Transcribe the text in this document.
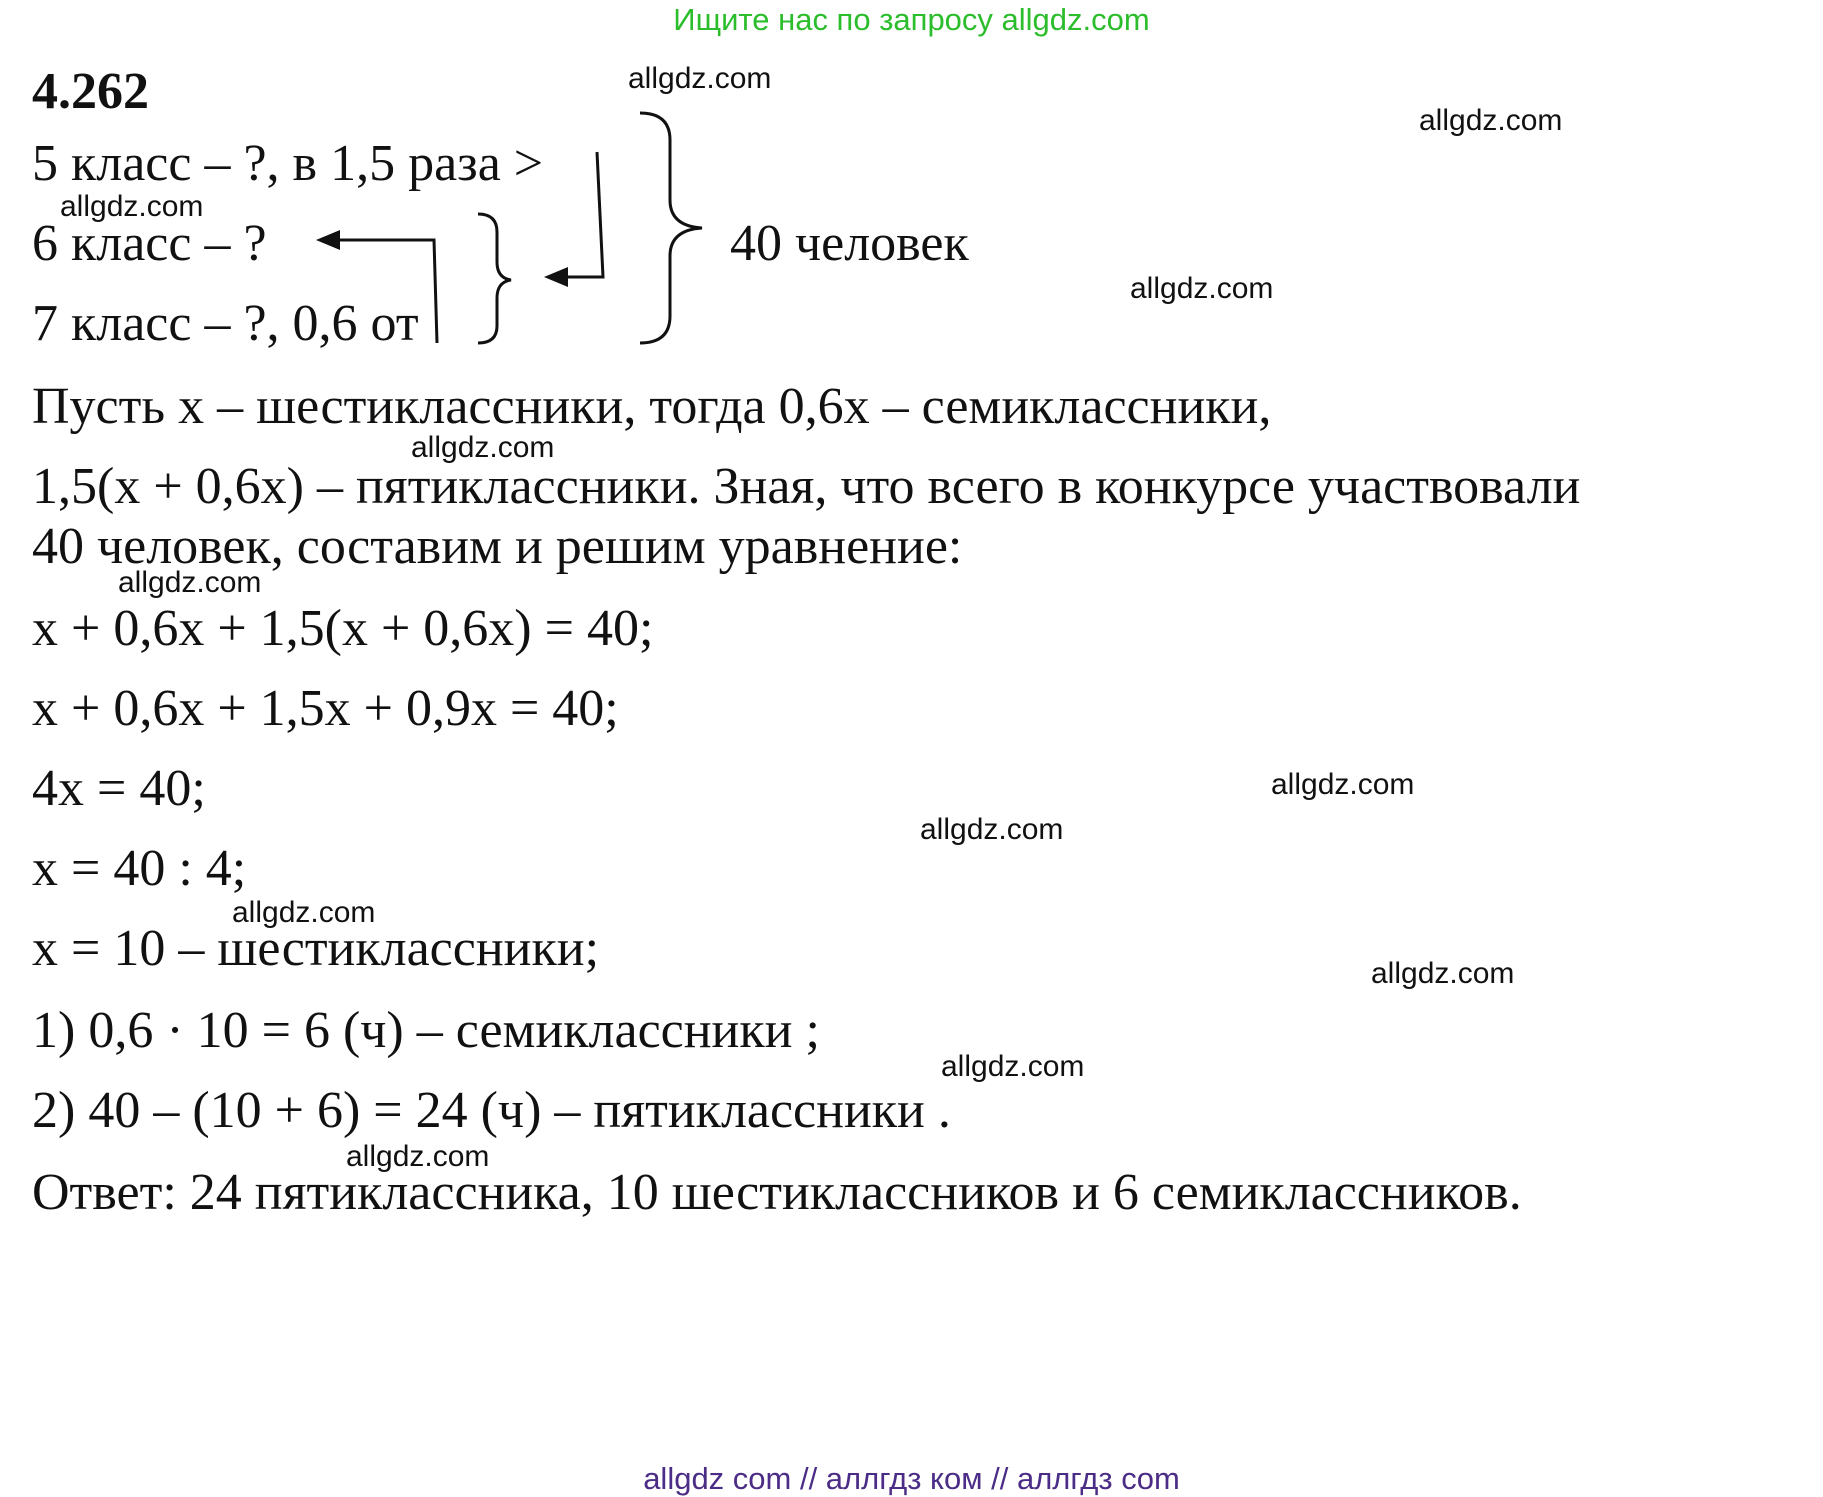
Ищите нас по запросу allgdz.com
allgdz com // аллгдз ком // аллгдз com
4.262
5 класс – ?, в 1,5 раза >
6 класс – ?
7 класс – ?, 0,6 от
40 человек
Пусть x – шестиклассники, тогда 0,6x – семиклассники,
1,5(x + 0,6x) – пятиклассники. Зная, что всего в конкурсе участвовали
40 человек, составим и решим уравнение:
x + 0,6x + 1,5(x + 0,6x) = 40;
x + 0,6x + 1,5x + 0,9x = 40;
4x = 40;
x = 40 : 4;
x = 10 – шестиклассники;
1) 0,6 · 10 = 6 (ч) – семиклассники ;
2) 40 – (10 + 6) = 24 (ч) – пятиклассники .
Ответ: 24 пятиклассника, 10 шестиклассников и 6 семиклассников.
allgdz.com
allgdz.com
allgdz.com
allgdz.com
allgdz.com
allgdz.com
allgdz.com
allgdz.com
allgdz.com
allgdz.com
allgdz.com
allgdz.com
